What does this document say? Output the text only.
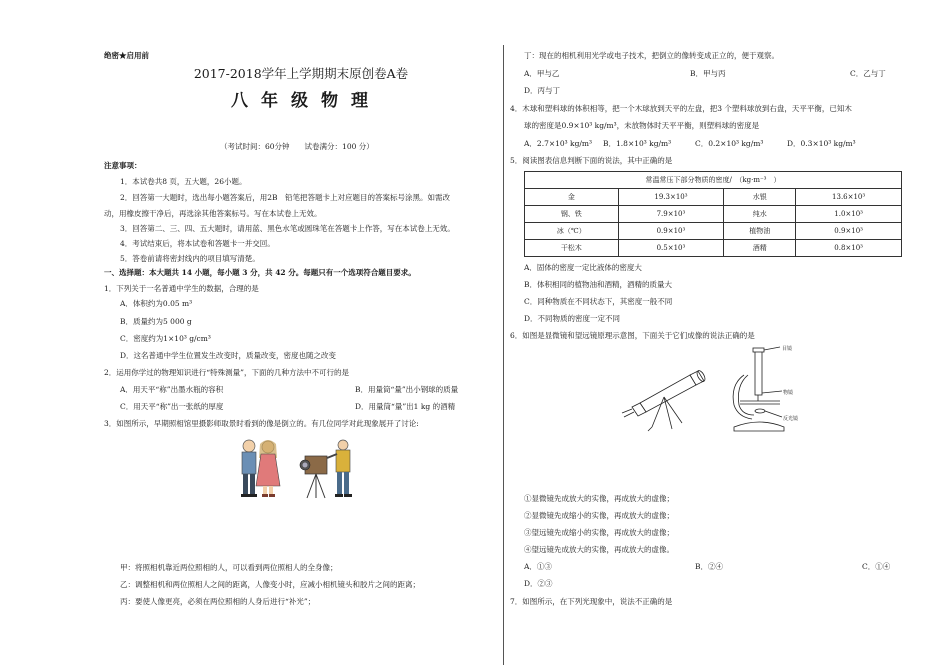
绝密★启用前
2017-2018学年上学期期末原创卷A卷
八年级物理
（考试时间：60分钟　　试卷满分：100 分）
注意事项：
1．本试卷共8 页，五大题，26小题。
2．回答第一大题时，选出每小题答案后，用2B　铅笔把答题卡上对应题目的答案标号涂黑。如需改
动，用橡皮擦干净后，再选涂其他答案标号。写在本试卷上无效。
3．回答第二、三、四、五大题时，请用蓝、黑色水笔或圆珠笔在答题卡上作答，写在本试卷上无效。
4．考试结束后，将本试卷和答题卡一并交回。
5．答卷前请将密封线内的项目填写清楚。
一、选择题：本大题共 14 小题，每小题 3 分，共 42 分。每题只有一个选项符合题目要求。
1．下列关于一名普通中学生的数据，合理的是
A．体积约为0.05 m³
B．质量约为5 000 g
C．密度约为1×10³ g/cm³
D．这名普通中学生位置发生改变时，质量改变，密度也随之改变
2．运用你学过的物理知识进行“特殊测量”，下面的几种方法中不可行的是
A．用天平“称”出墨水瓶的容积	B．用量筒“量”出小钢球的质量
C．用天平“称”出一张纸的厚度	D．用量筒“量”出1 kg 的酒精
3．如图所示，早期照相馆里摄影师取景时看到的像是倒立的。有几位同学对此现象展开了讨论:
甲：将照相机靠近两位照相的人，可以看到两位照相人的全身像；
乙：调整相机和两位照相人之间的距离，人像变小时，应减小相机镜头和胶片之间的距离；
丙：要使人像更亮，必须在两位照相的人身后进行“补光”；
丁：现在的相机利用光学或电子技术，把倒立的像转变成正立的，便于观察。
A．甲与乙	B．甲与丙	C．乙与丁
D．丙与丁
4．木球和塑料球的体积相等，把一个木球放到天平的左盘，把3 个塑料球放到右盘，天平平衡，已知木
球的密度是0.9×10³ kg/m³，未放物体时天平平衡，则塑料球的密度是
A．2.7×10³ kg/m³ B．1.8×10³ kg/m³	C．0.2×10³ kg/m³	D．0.3×10³ kg/m³
5．阅读图表信息判断下面的说法，其中正确的是
常温常压下部分物质的密度/　（kg·m⁻³　）			
金	19.3×10³	水银	13.6×10³
钢、铁	7.9×10³	纯水	1.0×10³
冰（℃）	0.9×10³	植物油	0.9×10³
干松木	0.5×10³	酒精	0.8×10³
A．固体的密度一定比液体的密度大
B．体积相同的植物油和酒精，酒精的质量大
C．同种物质在不同状态下，其密度一般不同
D．不同物质的密度一定不同
6．如图是显微镜和望远镜原理示意图，下面关于它们成像的说法正确的是
目镜
物镜
反光镜
①显微镜先成放大的实像，再成放大的虚像；
②显微镜先成缩小的实像，再成放大的虚像；
③望远镜先成缩小的实像，再成放大的虚像；
④望远镜先成放大的实像，再成放大的虚像。
A．①③	B．②④	C．①④
D．②③
7．如图所示，在下列光现象中，说法不正确的是
